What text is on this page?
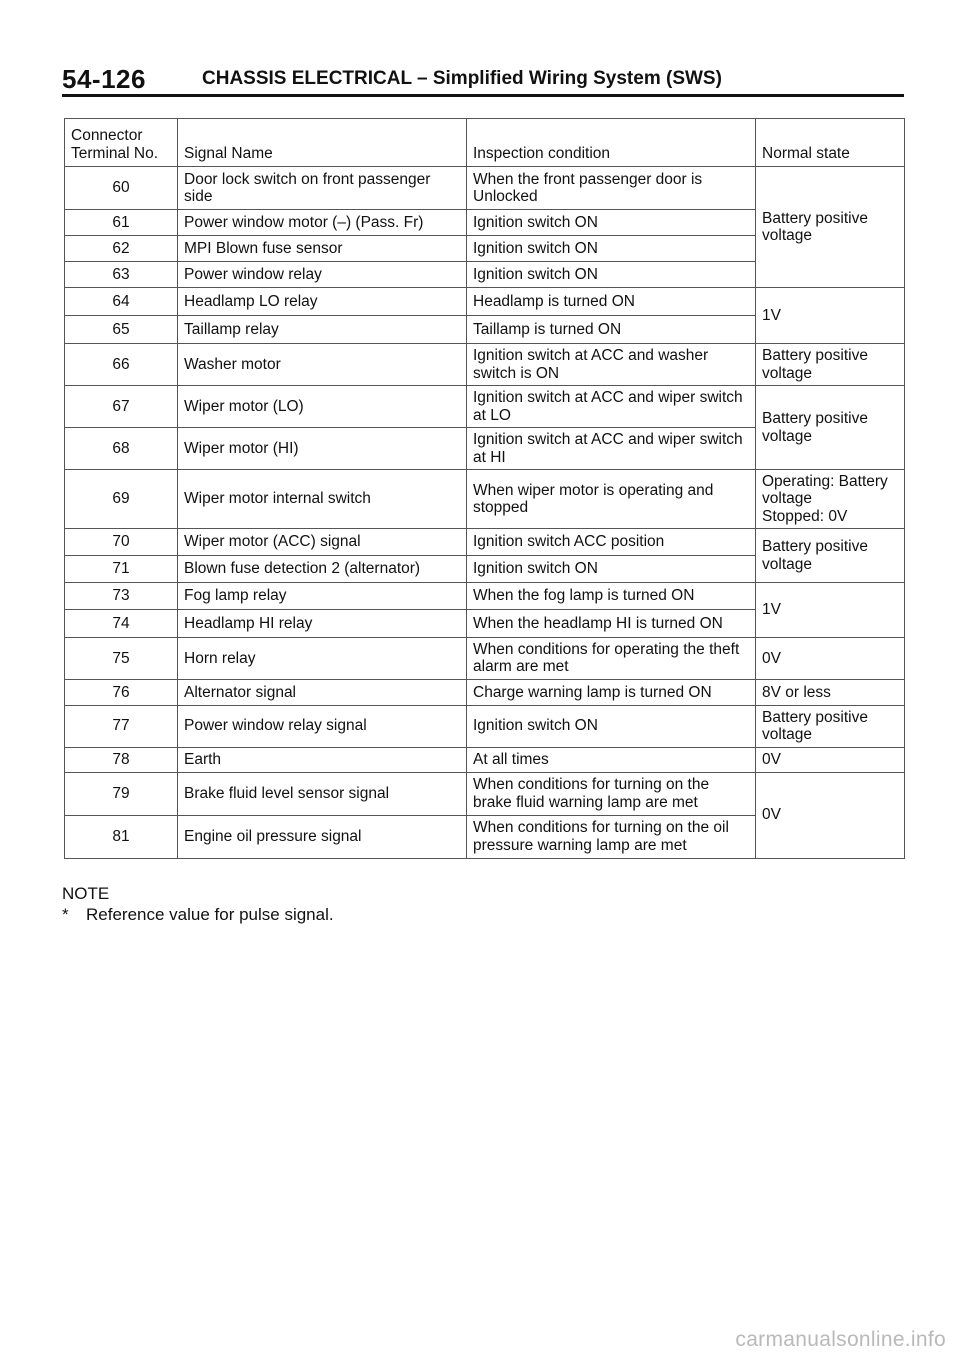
54-126	CHASSIS ELECTRICAL – Simplified Wiring System (SWS)
Connector
Terminal No.	Signal Name	Inspection condition	Normal state
60	Door lock switch on front passenger side	When the front passenger door is Unlocked	Battery positive voltage
61	Power window motor (–) (Pass. Fr)	Ignition switch ON	
62	MPI Blown fuse sensor	Ignition switch ON	
63	Power window relay	Ignition switch ON	
64	Headlamp LO relay	Headlamp is turned ON	1V
65	Taillamp relay	Taillamp is turned ON	
66	Washer motor	Ignition switch at ACC and washer switch is ON	Battery positive voltage
67	Wiper motor (LO)	Ignition switch at ACC and wiper switch at LO	Battery positive voltage
68	Wiper motor (HI)	Ignition switch at ACC and wiper switch at HI	
69	Wiper motor internal switch	When wiper motor is operating and stopped	Operating: Battery voltage
Stopped: 0V
70	Wiper motor (ACC) signal	Ignition switch ACC position	Battery positive voltage
71	Blown fuse detection 2 (alternator)	Ignition switch ON	
73	Fog lamp relay	When the fog lamp is turned ON	1V
74	Headlamp HI relay	When the headlamp HI is turned ON	
75	Horn relay	When conditions for operating the theft alarm are met	0V
76	Alternator signal	Charge warning lamp is turned ON	8V or less
77	Power window relay signal	Ignition switch ON	Battery positive voltage
78	Earth	At all times	0V
79	Brake fluid level sensor signal	When conditions for turning on the brake fluid warning lamp are met	0V
81	Engine oil pressure signal	When conditions for turning on the oil pressure warning lamp are met	
NOTE
* Reference value for pulse signal.
carmanualsonline.info
